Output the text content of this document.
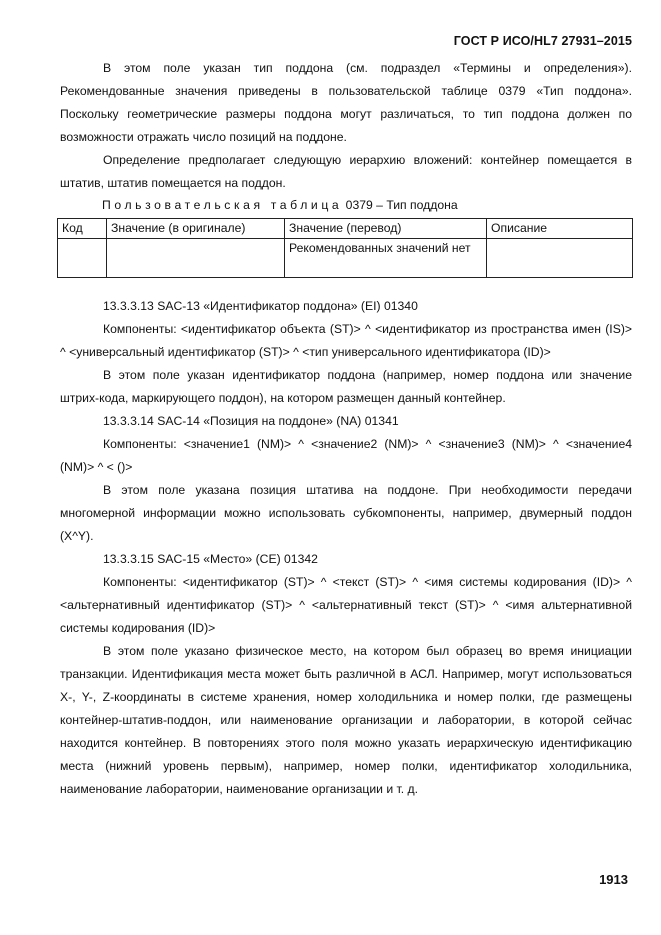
ГОСТ Р ИСО/HL7 27931–2015

В этом поле указан тип поддона (см. подраздел «Термины и определения»). Рекомендованные значения приведены в пользовательской таблице 0379 «Тип поддона». Поскольку геометрические размеры поддона могут различаться, то тип поддона должен по возможности отражать число позиций на поддоне.

Определение предполагает следующую иерархию вложений: контейнер помещается в штатив, штатив помещается на поддон.

Пользовательская таблица 0379 – Тип поддона
Код	Значение (в оригинале)	Значение (перевод)	Описание
		Рекомендованных значений нет	

13.3.3.13 SAC-13 «Идентификатор поддона» (EI) 01340

Компоненты: <идентификатор объекта (ST)> ^ <идентификатор из пространства имен (IS)> ^ <универсальный идентификатор (ST)> ^ <тип универсального идентификатора (ID)>

В этом поле указан идентификатор поддона (например, номер поддона или значение штрих-кода, маркирующего поддон), на котором размещен данный контейнер.

13.3.3.14 SAC-14 «Позиция на поддоне» (NA) 01341

Компоненты: <значение1 (NM)> ^ <значение2 (NM)> ^ <значение3 (NM)> ^ <значение4 (NM)> ^ < ()>

В этом поле указана позиция штатива на поддоне. При необходимости передачи многомерной информации можно использовать субкомпоненты, например, двумерный поддон (X^Y).

13.3.3.15 SAC-15 «Место» (CE) 01342

Компоненты: <идентификатор (ST)> ^ <текст (ST)> ^ <имя системы кодирования (ID)> ^ <альтернативный идентификатор (ST)> ^ <альтернативный текст (ST)> ^ <имя альтернативной системы кодирования (ID)>

В этом поле указано физическое место, на котором был образец во время инициации транзакции. Идентификация места может быть различной в АСЛ. Например, могут использоваться X-, Y-, Z-координаты в системе хранения, номер холодильника и номер полки, где размещены контейнер-штатив-поддон, или наименование организации и лаборатории, в которой сейчас находится контейнер. В повторениях этого поля можно указать иерархическую идентификацию места (нижний уровень первым), например, номер полки, идентификатор холодильника, наименование лаборатории, наименование организации и т. д.

1913
